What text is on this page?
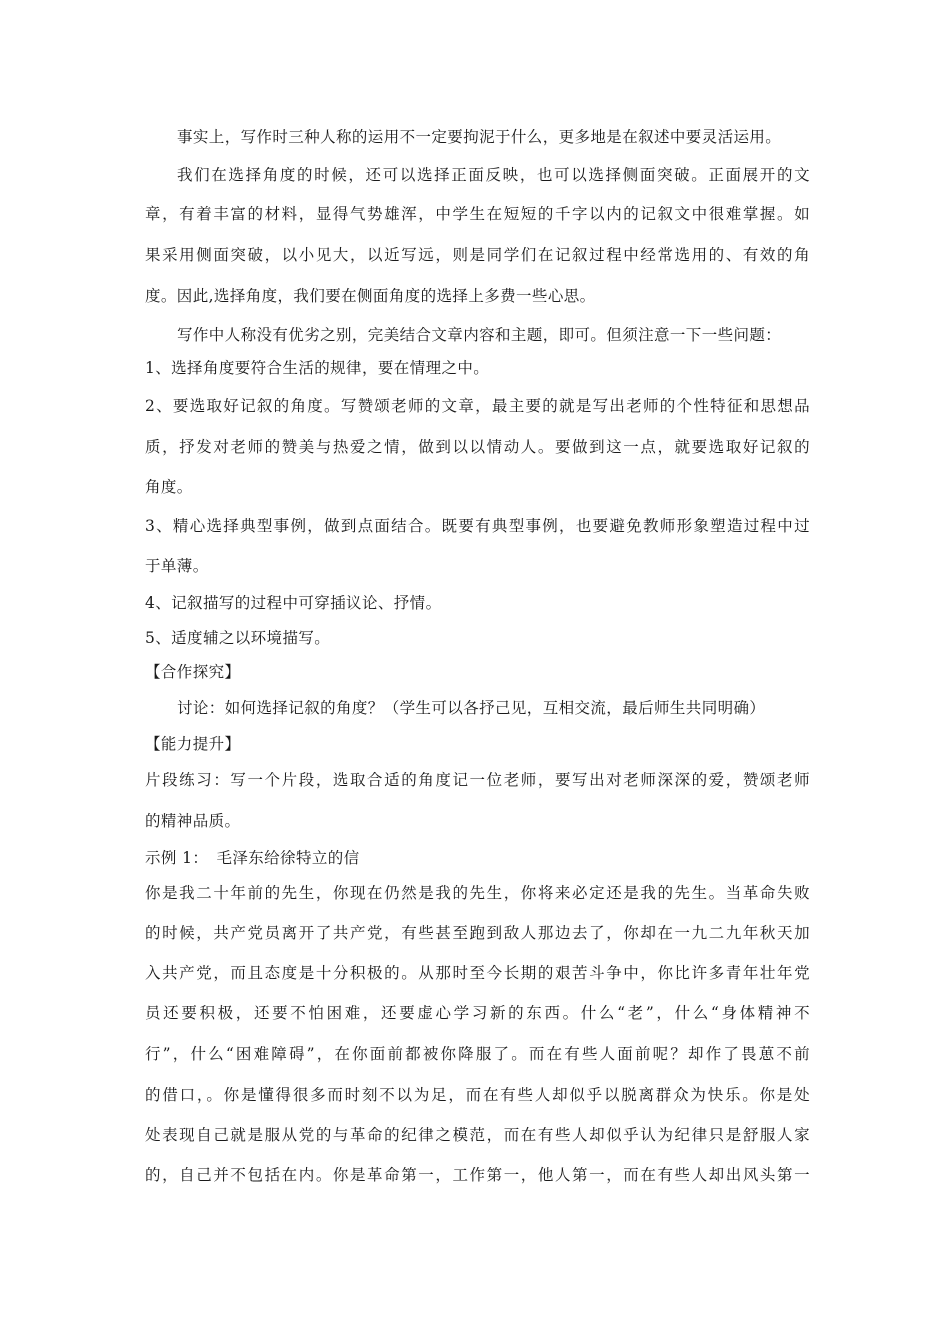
事实上，写作时三种人称的运用不一定要拘泥于什么，更多地是在叙述中要灵活运用。
我们在选择角度的时候，还可以选择正面反映，也可以选择侧面突破。正面展开的文
章，有着丰富的材料，显得气势雄浑，中学生在短短的千字以内的记叙文中很难掌握。如
果采用侧面突破，以小见大，以近写远，则是同学们在记叙过程中经常选用的、有效的角
度。因此,选择角度，我们要在侧面角度的选择上多费一些心思。
写作中人称没有优劣之别，完美结合文章内容和主题，即可。但须注意一下一些问题：
1、选择角度要符合生活的规律，要在情理之中。
2、要选取好记叙的角度。写赞颂老师的文章，最主要的就是写出老师的个性特征和思想品
质，抒发对老师的赞美与热爱之情，做到以以情动人。要做到这一点，就要选取好记叙的
角度。
3、精心选择典型事例，做到点面结合。既要有典型事例，也要避免教师形象塑造过程中过
于单薄。
4、记叙描写的过程中可穿插议论、抒情。
5、适度辅之以环境描写。
【合作探究】
讨论：如何选择记叙的角度？（学生可以各抒己见，互相交流，最后师生共同明确）
【能力提升】
片段练习：写一个片段，选取合适的角度记一位老师，要写出对老师深深的爱，赞颂老师
的精神品质。
示例 1：　毛泽东给徐特立的信
你是我二十年前的先生，你现在仍然是我的先生，你将来必定还是我的先生。当革命失败
的时候，共产党员离开了共产党，有些甚至跑到敌人那边去了，你却在一九二九年秋天加
入共产党，而且态度是十分积极的。从那时至今长期的艰苦斗争中，你比许多青年壮年党
员还要积极，还要不怕困难，还要虚心学习新的东西。什么“老”，什么“身体精神不
行”，什么“困难障碍”，在你面前都被你降服了。而在有些人面前呢？却作了畏葸不前
的借口，。你是懂得很多而时刻不以为足，而在有些人却似乎以脱离群众为快乐。你是处
处表现自己就是服从党的与革命的纪律之模范，而在有些人却似乎认为纪律只是舒服人家
的，自己并不包括在内。你是革命第一，工作第一，他人第一，而在有些人却出风头第一
